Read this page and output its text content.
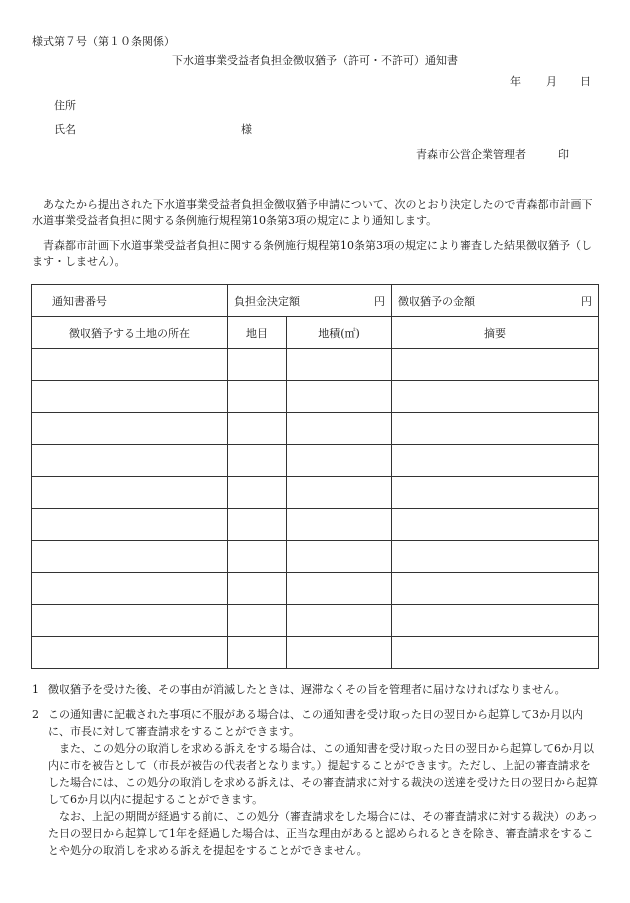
様式第７号（第１０条関係）
下水道事業受益者負担金徴収猶予（許可・不許可）通知書
年 月 日
住所
氏名	様
青森市公営企業管理者	印
あなたから提出された下水道事業受益者負担金徴収猶予申請について、次のとおり決定したので青森都市計画下水道事業受益者負担に関する条例施行規程第10条第3項の規定により通知します。
青森都市計画下水道事業受益者負担に関する条例施行規程第10条第3項の規定により審査した結果徴収猶予（します・しません）。
通知書番号	負担金決定額 円		徴収猶予の金額 円

徴収猶予する土地の所在	地目	地積(㎡)	摘要

1 徴収猶予を受けた後、その事由が消滅したときは、遅滞なくその旨を管理者に届けなければなりません。
2 この通知書に記載された事項に不服がある場合は、この通知書を受け取った日の翌日から起算して3か月以内に、市長に対して審査請求をすることができます。
また、この処分の取消しを求める訴えをする場合は、この通知書を受け取った日の翌日から起算して6か月以内に市を被告として（市長が被告の代表者となります。）提起することができます。ただし、上記の審査請求をした場合には、この処分の取消しを求める訴えは、その審査請求に対する裁決の送達を受けた日の翌日から起算して6か月以内に提起することができます。
なお、上記の期間が経過する前に、この処分（審査請求をした場合には、その審査請求に対する裁決）のあった日の翌日から起算して1年を経過した場合は、正当な理由があると認められるときを除き、審査請求をすることや処分の取消しを求める訴えを提起をすることができません。
